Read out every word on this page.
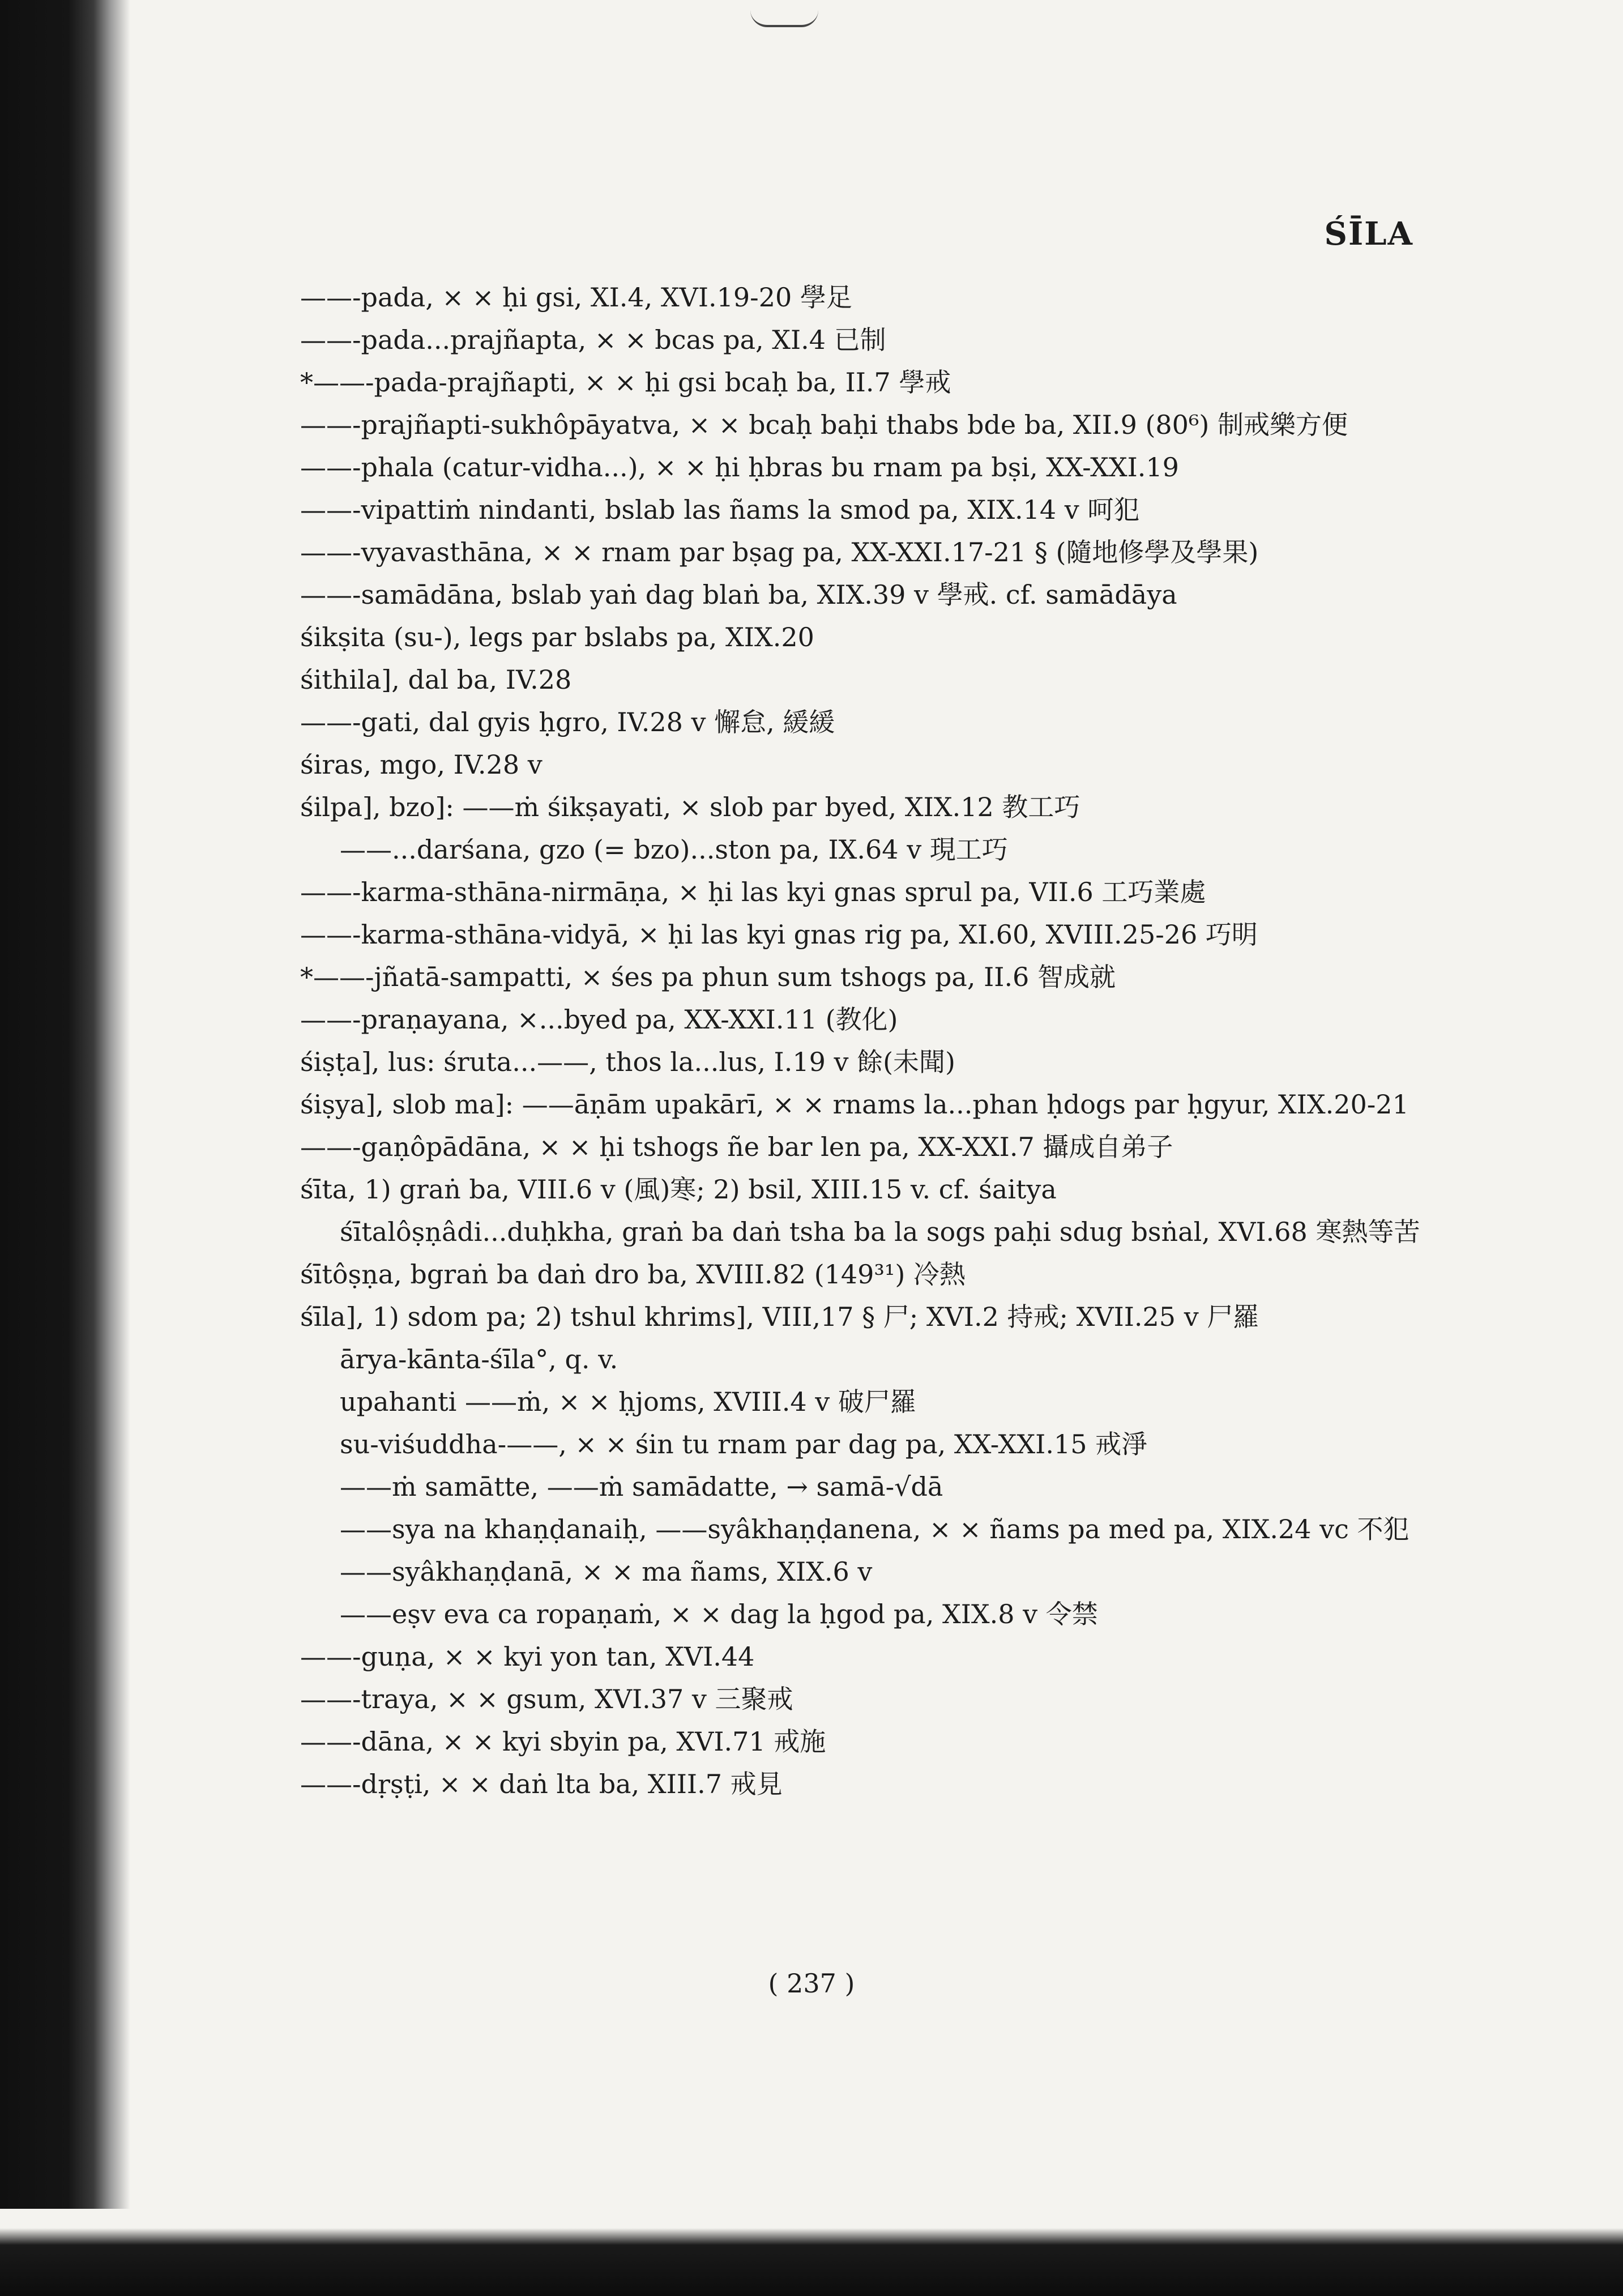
ŚĪLA
——-pada, × × ḥi gsi, XI.4, XVI.19-20 學足
——-pada...prajñapta, × × bcas pa, XI.4 已制
*——-pada-prajñapti, × × ḥi gsi bcaḥ ba, II.7 學戒
——-prajñapti-sukhôpāyatva, × × bcaḥ baḥi thabs bde ba, XII.9 (80⁶) 制戒樂方便
——-phala (catur-vidha...), × × ḥi ḥbras bu rnam pa bṣi, XX-XXI.19
——-vipattiṁ nindanti, bslab las ñams la smod pa, XIX.14 v 呵犯
——-vyavasthāna, × × rnam par bṣag pa, XX-XXI.17-21 § (隨地修學及學果)
——-samādāna, bslab yaṅ dag blaṅ ba, XIX.39 v 學戒. cf. samādāya
śikṣita (su-), legs par bslabs pa, XIX.20
śithila], dal ba, IV.28
——-gati, dal gyis ḥgro, IV.28 v 懈怠, 緩緩
śiras, mgo, IV.28 v
śilpa], bzo]: ——ṁ śikṣayati, × slob par byed, XIX.12 教工巧
——...darśana, gzo (= bzo)...ston pa, IX.64 v 現工巧
——-karma-sthāna-nirmāṇa, × ḥi las kyi gnas sprul pa, VII.6 工巧業處
——-karma-sthāna-vidyā, × ḥi las kyi gnas rig pa, XI.60, XVIII.25-26 巧明
*——-jñatā-sampatti, × śes pa phun sum tshogs pa, II.6 智成就
——-praṇayana, ×...byed pa, XX-XXI.11 (教化)
śiṣṭa], lus: śruta...——, thos la...lus, I.19 v 餘(未聞)
śiṣya], slob ma]: ——āṇām upakārī, × × rnams la...phan ḥdogs par ḥgyur, XIX.20-21
——-gaṇôpādāna, × × ḥi tshogs ñe bar len pa, XX-XXI.7 攝成自弟子
śīta, 1) graṅ ba, VIII.6 v (風)寒; 2) bsil, XIII.15 v. cf. śaitya
śītalôṣṇâdi...duḥkha, graṅ ba daṅ tsha ba la sogs paḥi sdug bsṅal, XVI.68 寒熱等苦
śītôṣṇa, bgraṅ ba daṅ dro ba, XVIII.82 (149³¹) 冷熱
śīla], 1) sdom pa; 2) tshul khrims], VIII,17 § 尸; XVI.2 持戒; XVII.25 v 尸羅
ārya-kānta-śīla°, q. v.
upahanti ——ṁ, × × ḥjoms, XVIII.4 v 破尸羅
su-viśuddha-——, × × śin tu rnam par dag pa, XX-XXI.15 戒淨
——ṁ samātte, ——ṁ samādatte, → samā-√dā
——sya na khaṇḍanaiḥ, ——syâkhaṇḍanena, × × ñams pa med pa, XIX.24 vc 不犯
——syâkhaṇḍanā, × × ma ñams, XIX.6 v
——eṣv eva ca ropaṇaṁ, × × dag la ḥgod pa, XIX.8 v 令禁
——-guṇa, × × kyi yon tan, XVI.44
——-traya, × × gsum, XVI.37 v 三聚戒
——-dāna, × × kyi sbyin pa, XVI.71 戒施
——-dṛṣṭi, × × daṅ lta ba, XIII.7 戒見
( 237 )
